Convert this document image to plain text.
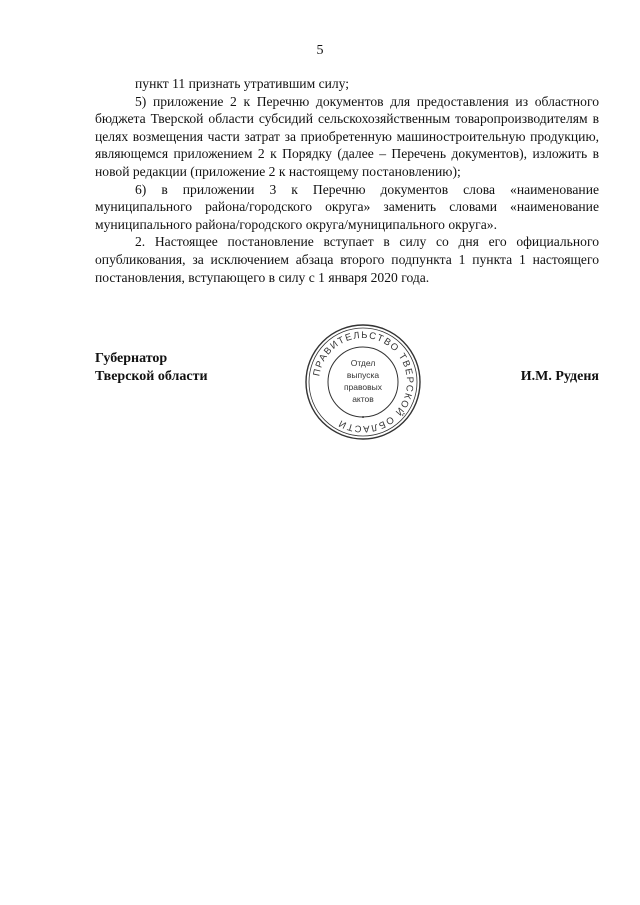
5

пункт 11 признать утратившим силу;

5) приложение 2 к Перечню документов для предоставления из областного бюджета Тверской области субсидий сельскохозяйственным товаропроизводителям в целях возмещения части затрат за приобретенную машиностроительную продукцию, являющемся приложением 2 к Порядку (далее – Перечень документов), изложить в новой редакции (приложение 2 к настоящему постановлению);

6) в приложении 3 к Перечню документов слова «наименование муниципального района/городского округа» заменить словами «наименование муниципального района/городского округа/муниципального округа».

2. Настоящее постановление вступает в силу со дня его официального опубликования, за исключением абзаца второго подпункта 1 пункта 1 настоящего постановления, вступающего в силу с 1 января 2020 года.

Губернатор
Тверской области	ПРАВИТЕЛЬСТВО ТВЕРСКОЙ ОБЛАСТИ	•
Отдел
выпуска
правовых
актов
И.М. Руденя
